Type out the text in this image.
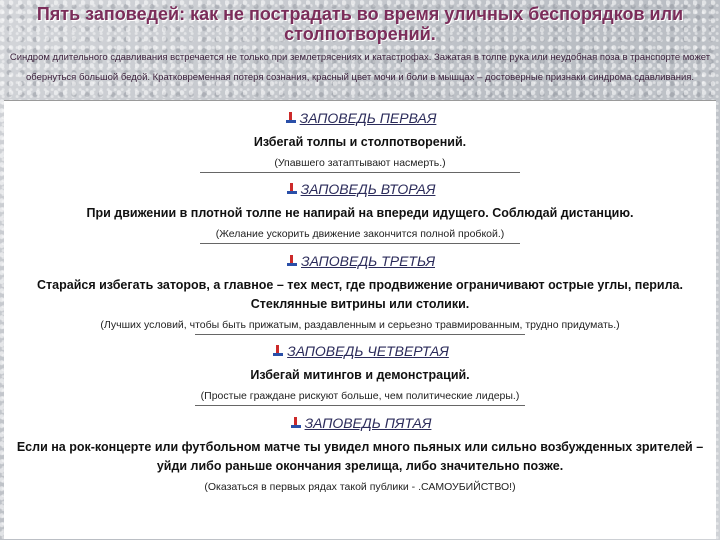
Пять заповедей: как не пострадать во время уличных беспорядков или столпотворений.

Синдром длительного сдавливания встречается не только при землетрясениях и катастрофах. Зажатая в толпе рука или неудобная поза в транспорте может обернуться большой бедой. Кратковременная потеря сознания, красный цвет мочи и боли в мышцах – достоверные признаки синдрома сдавливания.

ЗАПОВЕДЬ ПЕРВАЯ
Избегай толпы и столпотворений.
(Упавшего затаптывают насмерть.)
ЗАПОВЕДЬ ВТОРАЯ
При движении в плотной толпе не напирай на впереди идущего. Соблюдай дистанцию.
(Желание ускорить движение закончится полной пробкой.)
ЗАПОВЕДЬ ТРЕТЬЯ
Старайся избегать заторов, а главное – тех мест, где продвижение ограничивают острые углы, перила. Стеклянные витрины или столики.
(Лучших условий, чтобы быть прижатым, раздавленным и серьезно травмированным, трудно придумать.)
ЗАПОВЕДЬ ЧЕТВЕРТАЯ
Избегай митингов и демонстраций.
(Простые граждане рискуют больше, чем политические лидеры.)
ЗАПОВЕДЬ ПЯТАЯ
Если на рок-концерте или футбольном матче ты увидел много пьяных или сильно возбужденных зрителей – уйди либо раньше окончания зрелища, либо значительно позже.
(Оказаться в первых рядах такой публики - .САМОУБИЙСТВО!)
